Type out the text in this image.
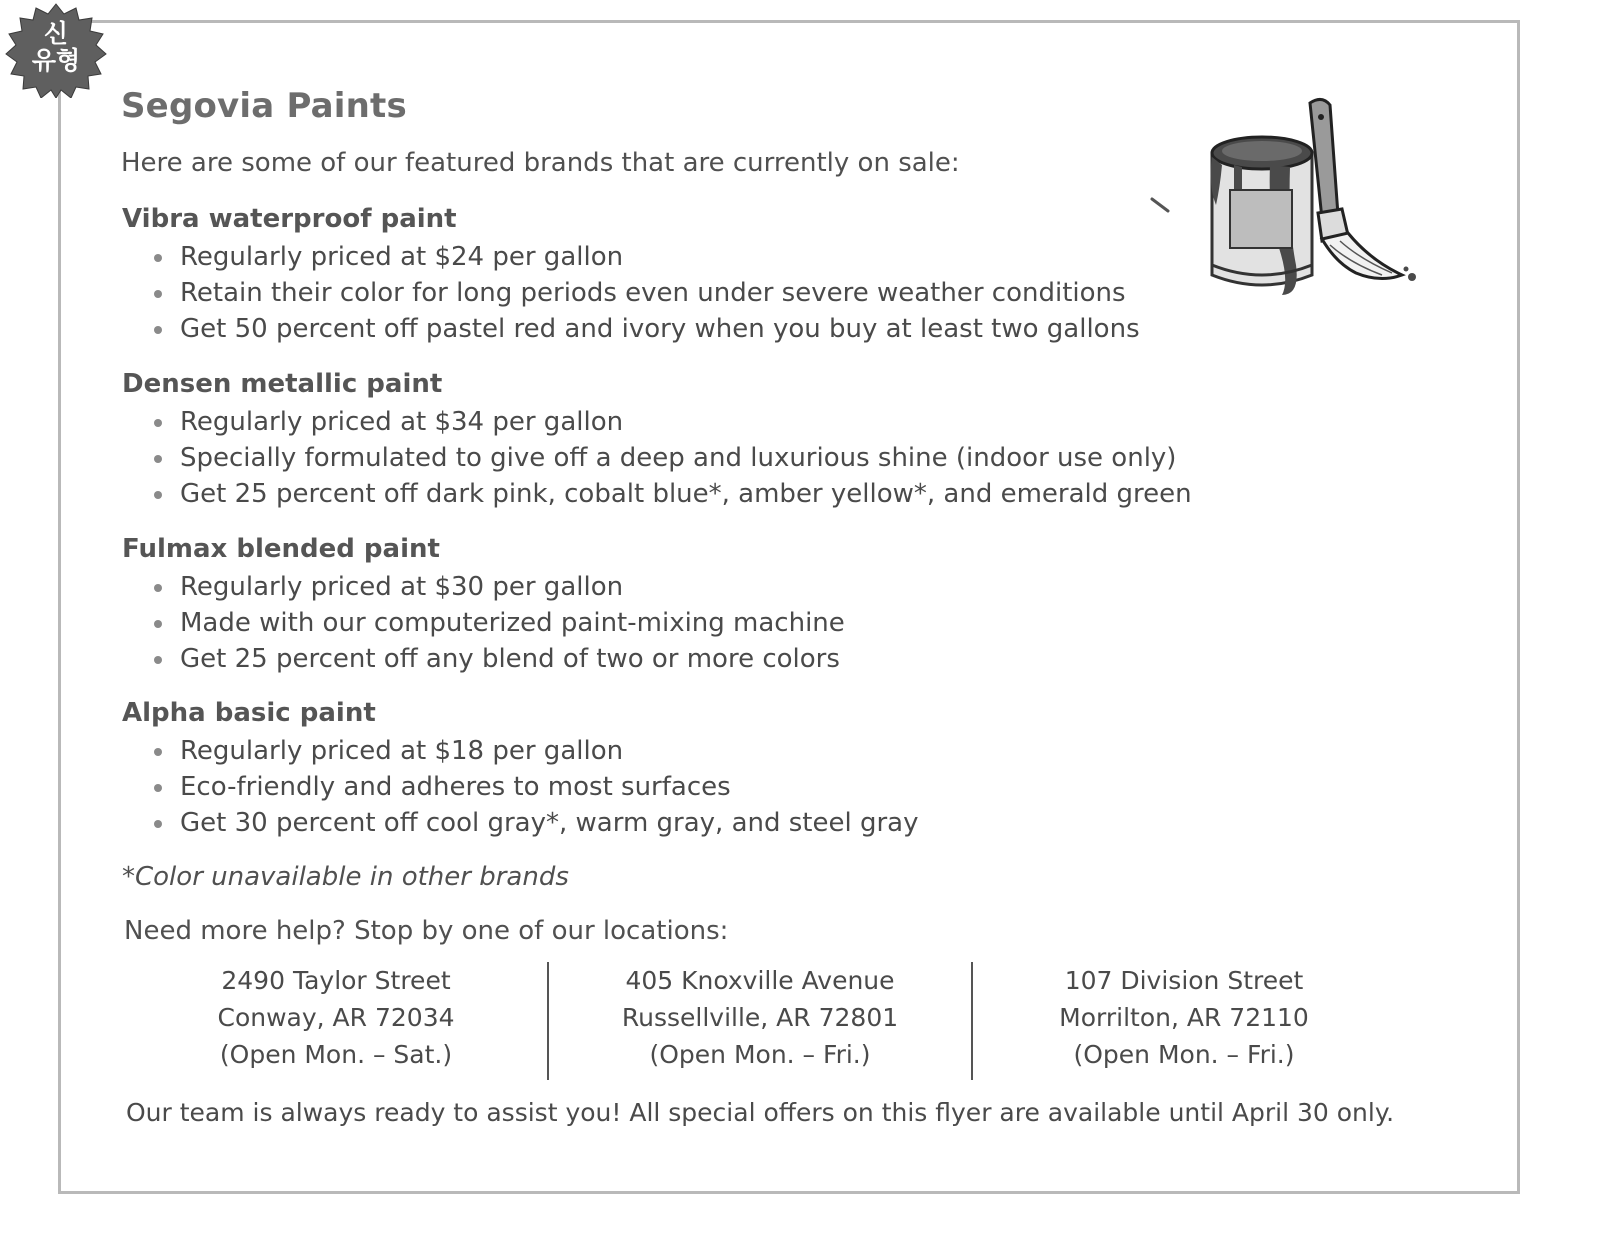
신
유형
Segovia Paints

Here are some of our featured brands that are currently on sale:

Vibra waterproof paint

Regularly priced at $24 per gallon
Retain their color for long periods even under severe weather conditions
Get 50 percent off pastel red and ivory when you buy at least two gallons

Densen metallic paint

Regularly priced at $34 per gallon
Specially formulated to give off a deep and luxurious shine (indoor use only)
Get 25 percent off dark pink, cobalt blue*, amber yellow*, and emerald green

Fulmax blended paint

Regularly priced at $30 per gallon
Made with our computerized paint-mixing machine
Get 25 percent off any blend of two or more colors

Alpha basic paint

Regularly priced at $18 per gallon
Eco-friendly and adheres to most surfaces
Get 30 percent off cool gray*, warm gray, and steel gray

*Color unavailable in other brands

Need more help? Stop by one of our locations:

2490 Taylor Street
Conway, AR 72034
(Open Mon. – Sat.)
405 Knoxville Avenue
Russellville, AR 72801
(Open Mon. – Fri.)
107 Division Street
Morrilton, AR 72110
(Open Mon. – Fri.)

Our team is always ready to assist you! All special offers on this flyer are available until April 30 only.
